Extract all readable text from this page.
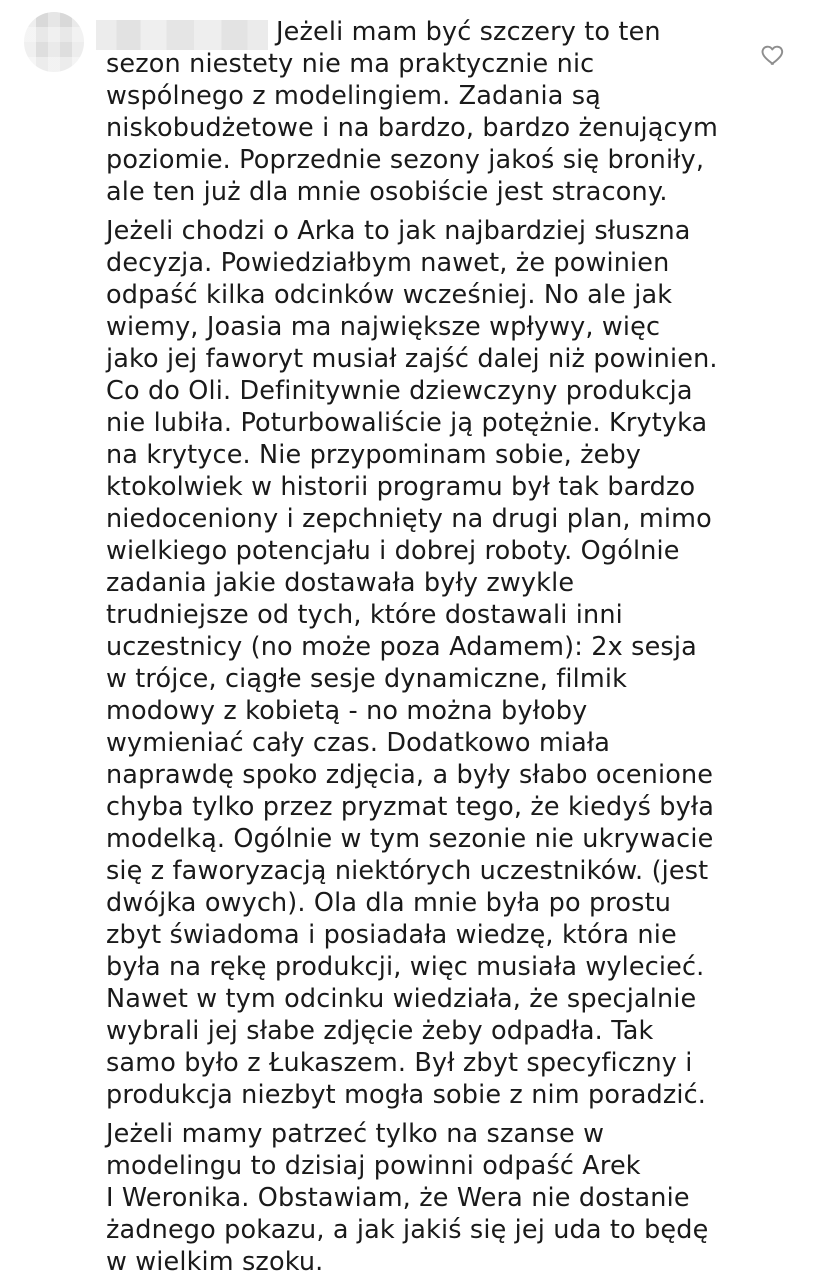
Jeżeli mam być szczery to ten
sezon niestety nie ma praktycznie nic
wspólnego z modelingiem. Zadania są
niskobudżetowe i na bardzo, bardzo żenującym
poziomie. Poprzednie sezony jakoś się broniły,
ale ten już dla mnie osobiście jest stracony.
Jeżeli chodzi o Arka to jak najbardziej słuszna
decyzja. Powiedziałbym nawet, że powinien
odpaść kilka odcinków wcześniej. No ale jak
wiemy, Joasia ma największe wpływy, więc
jako jej faworyt musiał zajść dalej niż powinien.
Co do Oli. Definitywnie dziewczyny produkcja
nie lubiła. Poturbowaliście ją potężnie. Krytyka
na krytyce. Nie przypominam sobie, żeby
ktokolwiek w historii programu był tak bardzo
niedoceniony i zepchnięty na drugi plan, mimo
wielkiego potencjału i dobrej roboty. Ogólnie
zadania jakie dostawała były zwykle
trudniejsze od tych, które dostawali inni
uczestnicy (no może poza Adamem): 2x sesja
w trójce, ciągłe sesje dynamiczne, filmik
modowy z kobietą - no można byłoby
wymieniać cały czas. Dodatkowo miała
naprawdę spoko zdjęcia, a były słabo ocenione
chyba tylko przez pryzmat tego, że kiedyś była
modelką. Ogólnie w tym sezonie nie ukrywacie
się z faworyzacją niektórych uczestników. (jest
dwójka owych). Ola dla mnie była po prostu
zbyt świadoma i posiadała wiedzę, która nie
była na rękę produkcji, więc musiała wylecieć.
Nawet w tym odcinku wiedziała, że specjalnie
wybrali jej słabe zdjęcie żeby odpadła. Tak
samo było z Łukaszem. Był zbyt specyficzny i
produkcja niezbyt mogła sobie z nim poradzić.
Jeżeli mamy patrzeć tylko na szanse w
modelingu to dzisiaj powinni odpaść Arek
I Weronika. Obstawiam, że Wera nie dostanie
żadnego pokazu, a jak jakiś się jej uda to będę
w wielkim szoku.
